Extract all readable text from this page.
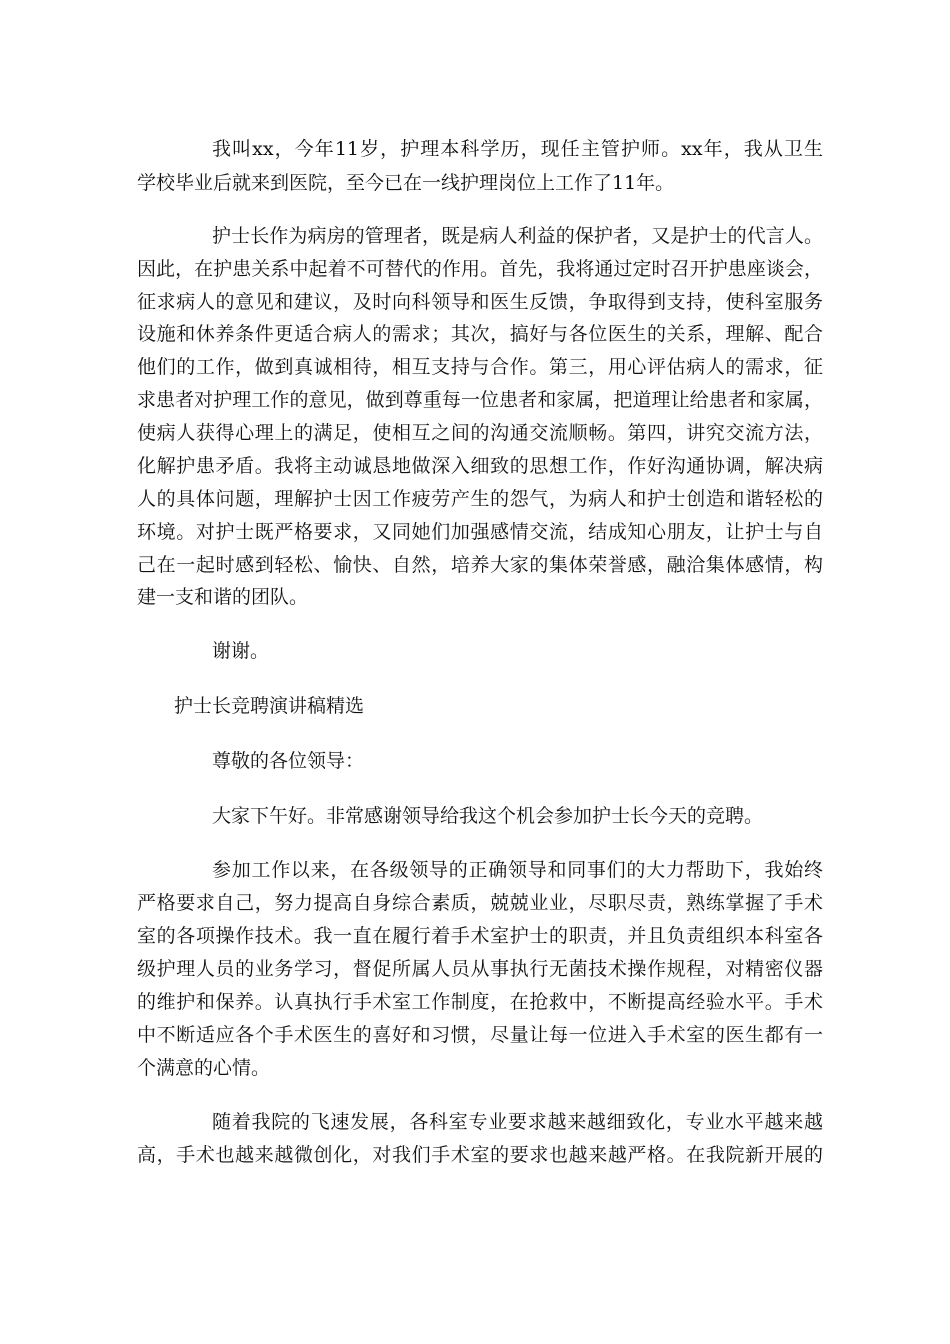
我叫xx，今年11岁，护理本科学历，现任主管护师。xx年，我从卫生
学校毕业后就来到医院，至今已在一线护理岗位上工作了11年。
护士长作为病房的管理者，既是病人利益的保护者，又是护士的代言人。
因此，在护患关系中起着不可替代的作用。首先，我将通过定时召开护患座谈会，
征求病人的意见和建议，及时向科领导和医生反馈，争取得到支持，使科室服务
设施和休养条件更适合病人的需求；其次，搞好与各位医生的关系，理解、配合
他们的工作，做到真诚相待，相互支持与合作。第三，用心评估病人的需求，征
求患者对护理工作的意见，做到尊重每一位患者和家属，把道理让给患者和家属，
使病人获得心理上的满足，使相互之间的沟通交流顺畅。第四，讲究交流方法，
化解护患矛盾。我将主动诚恳地做深入细致的思想工作，作好沟通协调，解决病
人的具体问题，理解护士因工作疲劳产生的怨气，为病人和护士创造和谐轻松的
环境。对护士既严格要求，又同她们加强感情交流，结成知心朋友，让护士与自
己在一起时感到轻松、愉快、自然，培养大家的集体荣誉感，融洽集体感情，构
建一支和谐的团队。
谢谢。
护士长竞聘演讲稿精选
尊敬的各位领导：
大家下午好。非常感谢领导给我这个机会参加护士长今天的竞聘。
参加工作以来，在各级领导的正确领导和同事们的大力帮助下，我始终
严格要求自己，努力提高自身综合素质，兢兢业业，尽职尽责，熟练掌握了手术
室的各项操作技术。我一直在履行着手术室护士的职责，并且负责组织本科室各
级护理人员的业务学习，督促所属人员从事执行无菌技术操作规程，对精密仪器
的维护和保养。认真执行手术室工作制度，在抢救中，不断提高经验水平。手术
中不断适应各个手术医生的喜好和习惯，尽量让每一位进入手术室的医生都有一
个满意的心情。
随着我院的飞速发展，各科室专业要求越来越细致化，专业水平越来越
高，手术也越来越微创化，对我们手术室的要求也越来越严格。在我院新开展的
